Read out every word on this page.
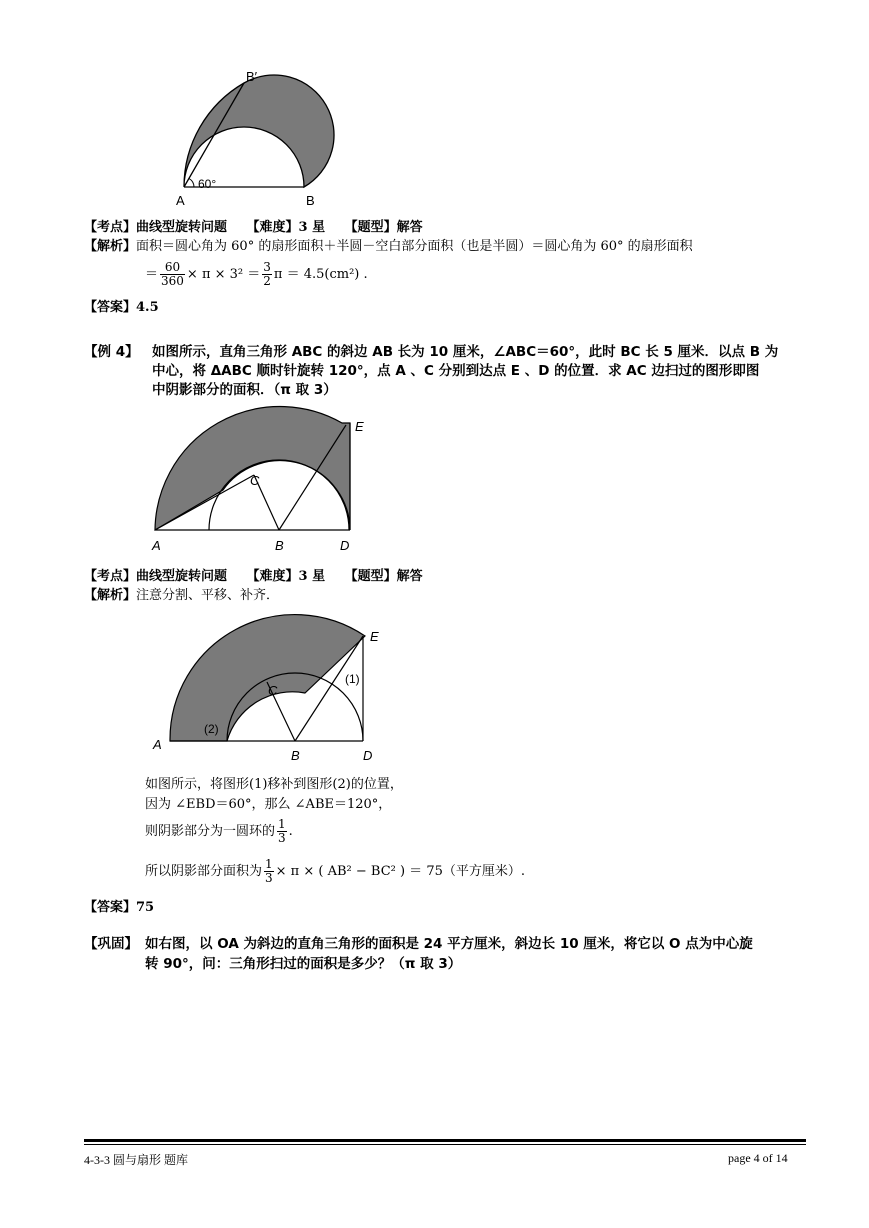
B′
60°
A	B
【考点】曲线型旋转问题　　【难度】3 星　　【题型】解答
【解析】面积＝圆心角为 60° 的扇形面积＋半圆－空白部分面积（也是半圆）＝圆心角为 60° 的扇形面积
＝ $\frac{60}{360} \times \pi \times 3^2 = \frac{3}{2}$ π ＝ 4.5(cm²) .
【答案】4.5
【例 4】 如图所示，直角三角形 ABC 的斜边 AB 长为 10 厘米，∠ABC＝60°，此时 BC 长 5 厘米．以点 B 为
中心，将 ΔABC 顺时针旋转 120°，点 A 、C 分别到达点 E 、D 的位置．求 AC 边扫过的图形即图
中阴影部分的面积．（π 取 3）
E
C
A	B	D
【考点】曲线型旋转问题　　【难度】3 星　　【题型】解答
【解析】注意分割、平移、补齐．
E
(1)
C
(2)
A
B	D
如图所示，将图形(1)移补到图形(2)的位置，
因为 ∠EBD＝60°，那么 ∠ABE＝120°，
则阴影部分为一圆环的 $\frac{1}{3}$ .
所以阴影部分面积为 $\frac{1}{3} \times \pi$ × ( AB² − BC² ) ＝ 75（平方厘米）.
【答案】75
【巩固】 如右图，以 OA 为斜边的直角三角形的面积是 24 平方厘米，斜边长 10 厘米，将它以 O 点为中心旋
转 90°，问：三角形扫过的面积是多少？（π 取 3）
4-3-3 圆与扇形 题库	page 4 of 14
